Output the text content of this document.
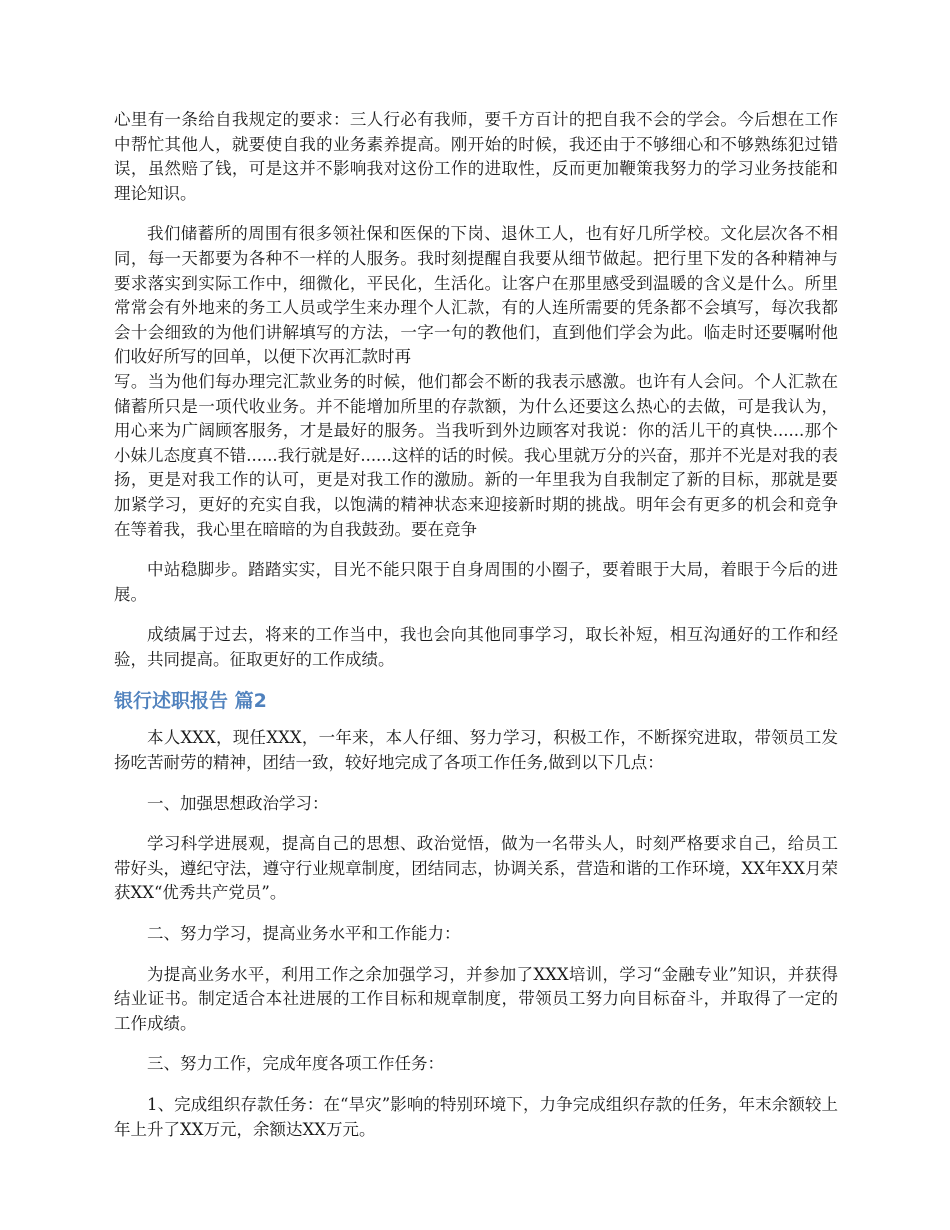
心里有一条给自我规定的要求：三人行必有我师，要千方百计的把自我不会的学会。今后想在工作中帮忙其他人，就要使自我的业务素养提高。刚开始的时候，我还由于不够细心和不够熟练犯过错误，虽然赔了钱，可是这并不影响我对这份工作的进取性，反而更加鞭策我努力的学习业务技能和理论知识。

我们储蓄所的周围有很多领社保和医保的下岗、退休工人，也有好几所学校。文化层次各不相同，每一天都要为各种不一样的人服务。我时刻提醒自我要从细节做起。把行里下发的各种精神与要求落实到实际工作中，细微化，平民化，生活化。让客户在那里感受到温暖的含义是什么。所里常常会有外地来的务工人员或学生来办理个人汇款，有的人连所需要的凭条都不会填写，每次我都会十会细致的为他们讲解填写的方法，一字一句的教他们，直到他们学会为此。临走时还要嘱咐他们收好所写的回单，以便下次再汇款时再
写。当为他们每办理完汇款业务的时候，他们都会不断的我表示感激。也许有人会问。个人汇款在储蓄所只是一项代收业务。并不能增加所里的存款额，为什么还要这么热心的去做，可是我认为，用心来为广阔顾客服务，才是最好的服务。当我听到外边顾客对我说：你的活儿干的真快......那个小妹儿态度真不错......我行就是好......这样的话的时候。我心里就万分的兴奋，那并不光是对我的表扬，更是对我工作的认可，更是对我工作的激励。新的一年里我为自我制定了新的目标，那就是要加紧学习，更好的充实自我，以饱满的精神状态来迎接新时期的挑战。明年会有更多的机会和竞争在等着我，我心里在暗暗的为自我鼓劲。要在竞争

中站稳脚步。踏踏实实，目光不能只限于自身周围的小圈子，要着眼于大局，着眼于今后的进展。

成绩属于过去，将来的工作当中，我也会向其他同事学习，取长补短，相互沟通好的工作和经验，共同提高。征取更好的工作成绩。

银行述职报告 篇2

本人XXX，现任XXX，一年来，本人仔细、努力学习，积极工作，不断探究进取，带领员工发扬吃苦耐劳的精神，团结一致，较好地完成了各项工作任务,做到以下几点：

一、加强思想政治学习：

学习科学进展观，提高自己的思想、政治觉悟，做为一名带头人，时刻严格要求自己，给员工带好头，遵纪守法，遵守行业规章制度，团结同志，协调关系，营造和谐的工作环境，XX年XX月荣获XX“优秀共产党员”。

二、努力学习，提高业务水平和工作能力：

为提高业务水平，利用工作之余加强学习，并参加了XXX培训，学习“金融专业”知识，并获得结业证书。制定适合本社进展的工作目标和规章制度，带领员工努力向目标奋斗，并取得了一定的工作成绩。

三、努力工作，完成年度各项工作任务：

1、完成组织存款任务：在“旱灾”影响的特别环境下，力争完成组织存款的任务，年末余额较上年上升了XX万元，余额达XX万元。
